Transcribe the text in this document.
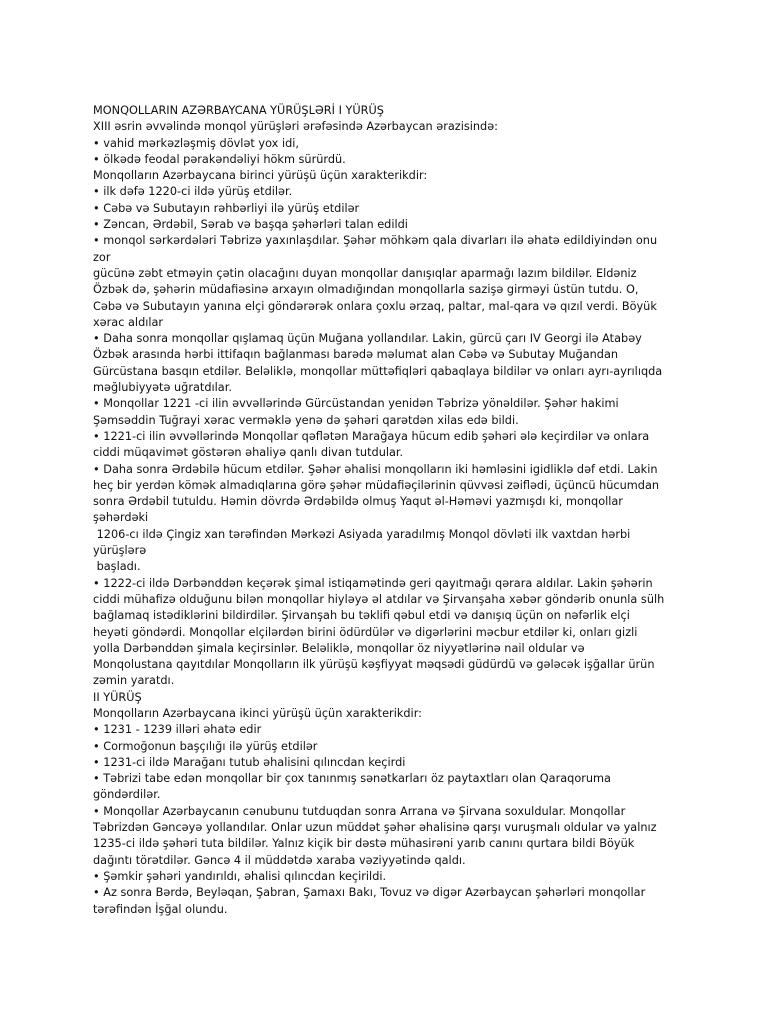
MONQOLLARIN AZƏRBAYCANA YÜRÜŞLƏRİ I YÜRÜŞ
XIII əsrin əvvəlində monqol yürüşləri ərəfəsində Azərbaycan ərazisində:
• vahid mərkəzləşmiş dövlət yox idi,
• ölkədə feodal pərakəndəliyi hökm sürürdü.
Monqolların Azərbaycana birinci yürüşü üçün xarakterikdir:
• ilk dəfə 1220-ci ildə yürüş etdilər.
• Cəbə və Subutayın rəhbərliyi ilə yürüş etdilər
• Zəncan, Ərdəbil, Sərab və başqa şəhərləri talan edildi
• monqol sərkərdələri Təbrizə yaxınlaşdılar. Şəhər möhkəm qala divarları ilə əhatə edildiyindən onu
zor
gücünə zəbt etməyin çətin olacağını duyan monqollar danışıqlar aparmağı lazım bildilər. Eldəniz
Özbək də, şəhərin müdafiəsinə arxayın olmadığından monqollarla sazişə girməyi üstün tutdu. O,
Cəbə və Subutayın yanına elçi göndərərək onlara çoxlu ərzaq, paltar, mal-qara və qızıl verdi. Böyük
xərac aldılar
• Daha sonra monqollar qışlamaq üçün Muğana yollandılar. Lakin, gürcü çarı IV Georgi ilə Atabəy
Özbək arasında hərbi ittifaqın bağlanması barədə məlumat alan Cəbə və Subutay Muğandan
Gürcüstana basqın etdilər. Beləliklə, monqollar müttəfiqləri qabaqlaya bildilər və onları ayrı-ayrılıqda
məğlubiyyətə uğratdılar.
• Monqollar 1221 -ci ilin əvvəllərində Gürcüstandan yenidən Təbrizə yönəldilər. Şəhər hakimi
Şəmsəddin Tuğrayi xərac verməklə yenə də şəhəri qarətdən xilas edə bildi.
• 1221-ci ilin əvvəllərində Monqollar qəflətən Marağaya hücum edib şəhəri ələ keçirdilər və onlara
ciddi müqavimət göstərən əhaliyə qanlı divan tutdular.
• Daha sonra Ərdəbilə hücum etdilər. Şəhər əhalisi monqolların iki həmləsini igidliklə dəf etdi. Lakin
heç bir yerdən kömək almadıqlarına görə şəhər müdafiəçilərinin qüvvəsi zəiflədi, üçüncü hücumdan
sonra Ərdəbil tutuldu. Həmin dövrdə Ərdəbildə olmuş Yaqut əl-Həməvi yazmışdı ki, monqollar
şəhərdəki
1206-cı ildə Çingiz xan tərəfindən Mərkəzi Asiyada yaradılmış Monqol dövləti ilk vaxtdan hərbi
yürüşlərə
başladı.
• 1222-ci ildə Dərbənddən keçərək şimal istiqamətində geri qayıtmağı qərara aldılar. Lakin şəhərin
ciddi mühafizə olduğunu bilən monqollar hiyləyə əl atdılar və Şirvanşaha xəbər göndərib onunla sülh
bağlamaq istədiklərini bildirdilər. Şirvanşah bu təklifi qəbul etdi və danışıq üçün on nəfərlik elçi
heyəti göndərdi. Monqollar elçilərdən birini ödürdülər və digərlərini məcbur etdilər ki, onları gizli
yolla Dərbənddən şimala keçirsinlər. Beləliklə, monqollar öz niyyətlərinə nail oldular və
Monqolustana qayıtdılar Monqolların ilk yürüşü kəşfiyyat məqsədi güdürdü və gələcək işğallar ürün
zəmin yaratdı.
II YÜRÜŞ
Monqolların Azərbaycana ikinci yürüşü üçün xarakterikdir:
• 1231 - 1239 illəri əhatə edir
• Cormoğonun başçılığı ilə yürüş etdilər
• 1231-ci ildə Marağanı tutub əhalisini qılıncdan keçirdi
• Təbrizi tabe edən monqollar bir çox tanınmış sənətkarları öz paytaxtları olan Qaraqoruma
göndərdilər.
• Monqollar Azərbaycanın cənubunu tutduqdan sonra Arrana və Şirvana soxuldular. Monqollar
Təbrizdən Gəncəyə yollandılar. Onlar uzun müddət şəhər əhalisinə qarşı vuruşmalı oldular və yalnız
1235-ci ildə şəhəri tuta bildilər. Yalnız kiçik bir dəstə mühasirəni yarıb canını qurtara bildi Böyük
dağıntı törətdilər. Gəncə 4 il müddətdə xaraba vəziyyətində qaldı.
• Şəmkir şəhəri yandırıldı, əhalisi qılıncdan keçirildi.
• Az sonra Bərdə, Beyləqan, Şabran, Şamaxı Bakı, Tovuz və digər Azərbaycan şəhərləri monqollar
tərəfindən İşğal olundu.
